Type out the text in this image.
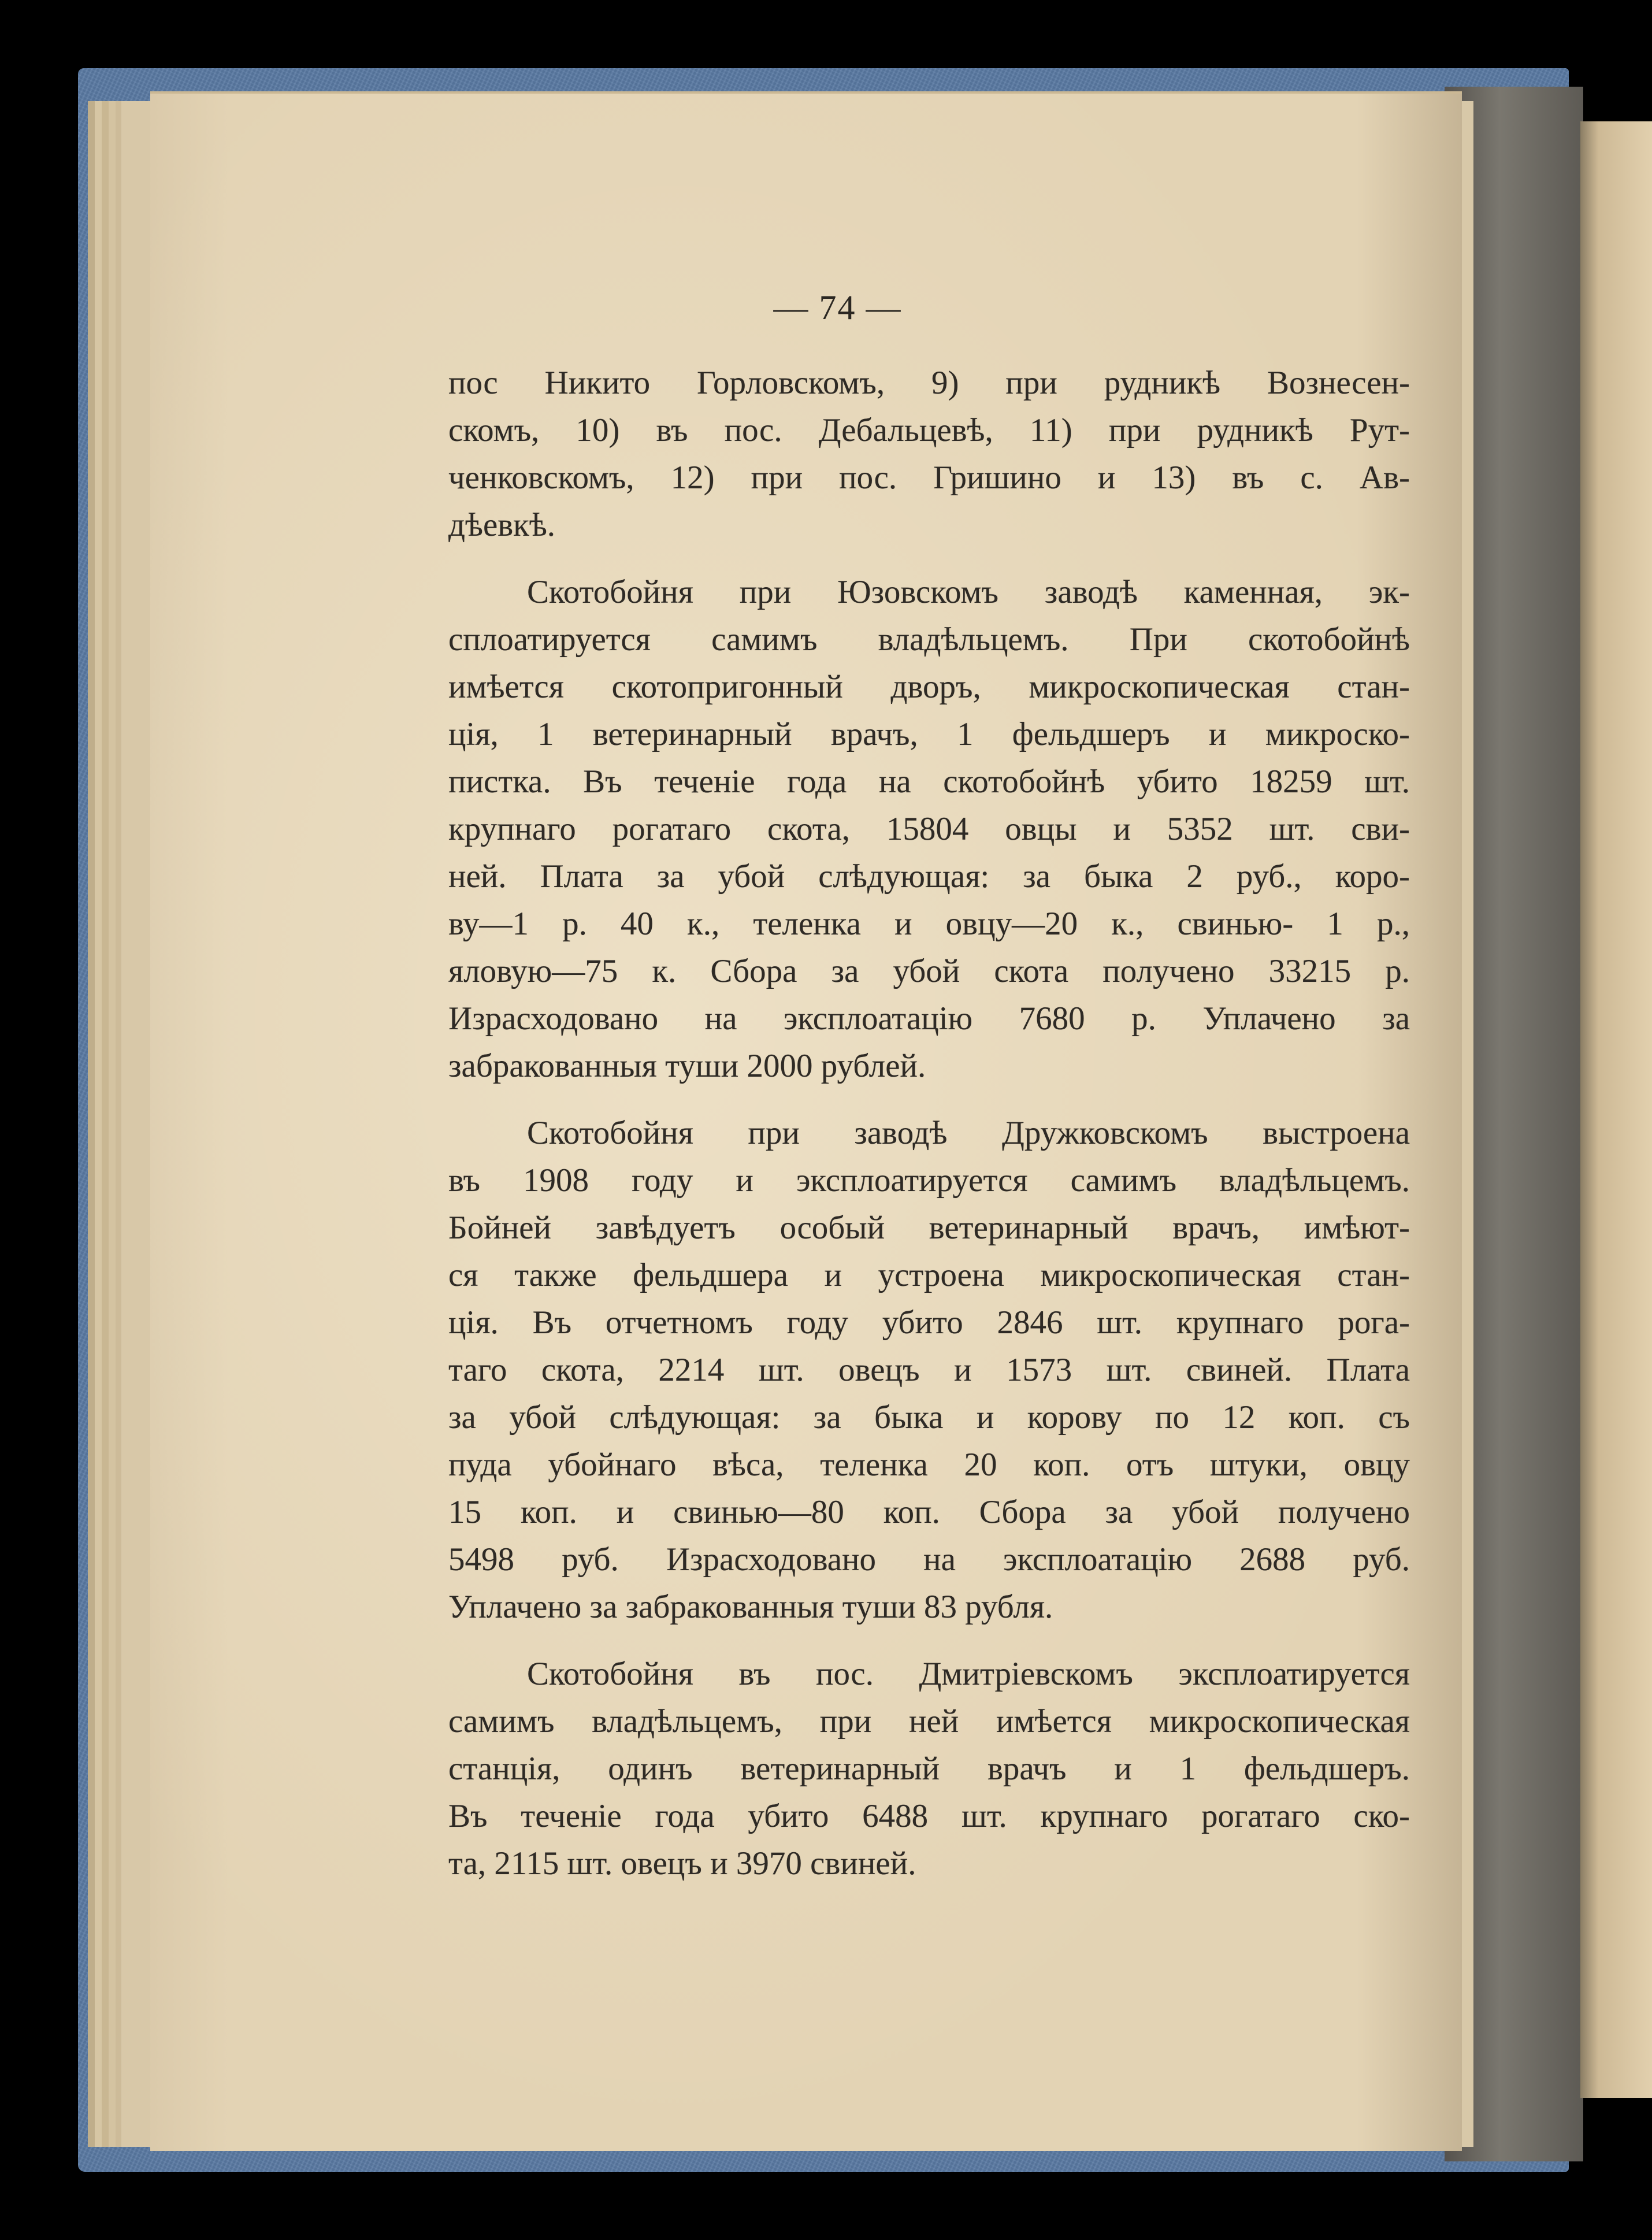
— 74 —

пос Никито Горловскомъ, 9) при рудникѣ Вознесен-
скомъ, 10) въ пос. Дебальцевѣ, 11) при рудникѣ Рут-
ченковскомъ, 12) при пос. Гришино и 13) въ с. Ав-
дѣевкѣ.

Скотобойня при Юзовскомъ заводѣ каменная, эк-
сплоатируется самимъ владѣльцемъ. При скотобойнѣ
имѣется скотопригонный дворъ, микроскопическая стан-
ція, 1 ветеринарный врачъ, 1 фельдшеръ и микроско-
пистка. Въ теченіе года на скотобойнѣ убито 18259 шт.
крупнаго рогатаго скота, 15804 овцы и 5352 шт. сви-
ней. Плата за убой слѣдующая: за быка 2 руб., коро-
ву—1 р. 40 к., теленка и овцу—20 к., свинью- 1 р.,
яловую—75 к. Сбора за убой скота получено 33215 р.
Израсходовано на эксплоатацію 7680 р. Уплачено за
забракованныя туши 2000 рублей.

Скотобойня при заводѣ Дружковскомъ выстроена
въ 1908 году и эксплоатируется самимъ владѣльцемъ.
Бойней завѣдуетъ особый ветеринарный врачъ, имѣют-
ся также фельдшера и устроена микроскопическая стан-
ція. Въ отчетномъ году убито 2846 шт. крупнаго рога-
таго скота, 2214 шт. овецъ и 1573 шт. свиней. Плата
за убой слѣдующая: за быка и корову по 12 коп. съ
пуда убойнаго вѣса, теленка 20 коп. отъ штуки, овцу
15 коп. и свинью—80 коп. Сбора за убой получено
5498 руб. Израсходовано на эксплоатацію 2688 руб.
Уплачено за забракованныя туши 83 рубля.

Скотобойня въ пос. Дмитріевскомъ эксплоатируется
самимъ владѣльцемъ, при ней имѣется микроскопическая
станція, одинъ ветеринарный врачъ и 1 фельдшеръ.
Въ теченіе года убито 6488 шт. крупнаго рогатаго ско-
та, 2115 шт. овецъ и 3970 свиней.
